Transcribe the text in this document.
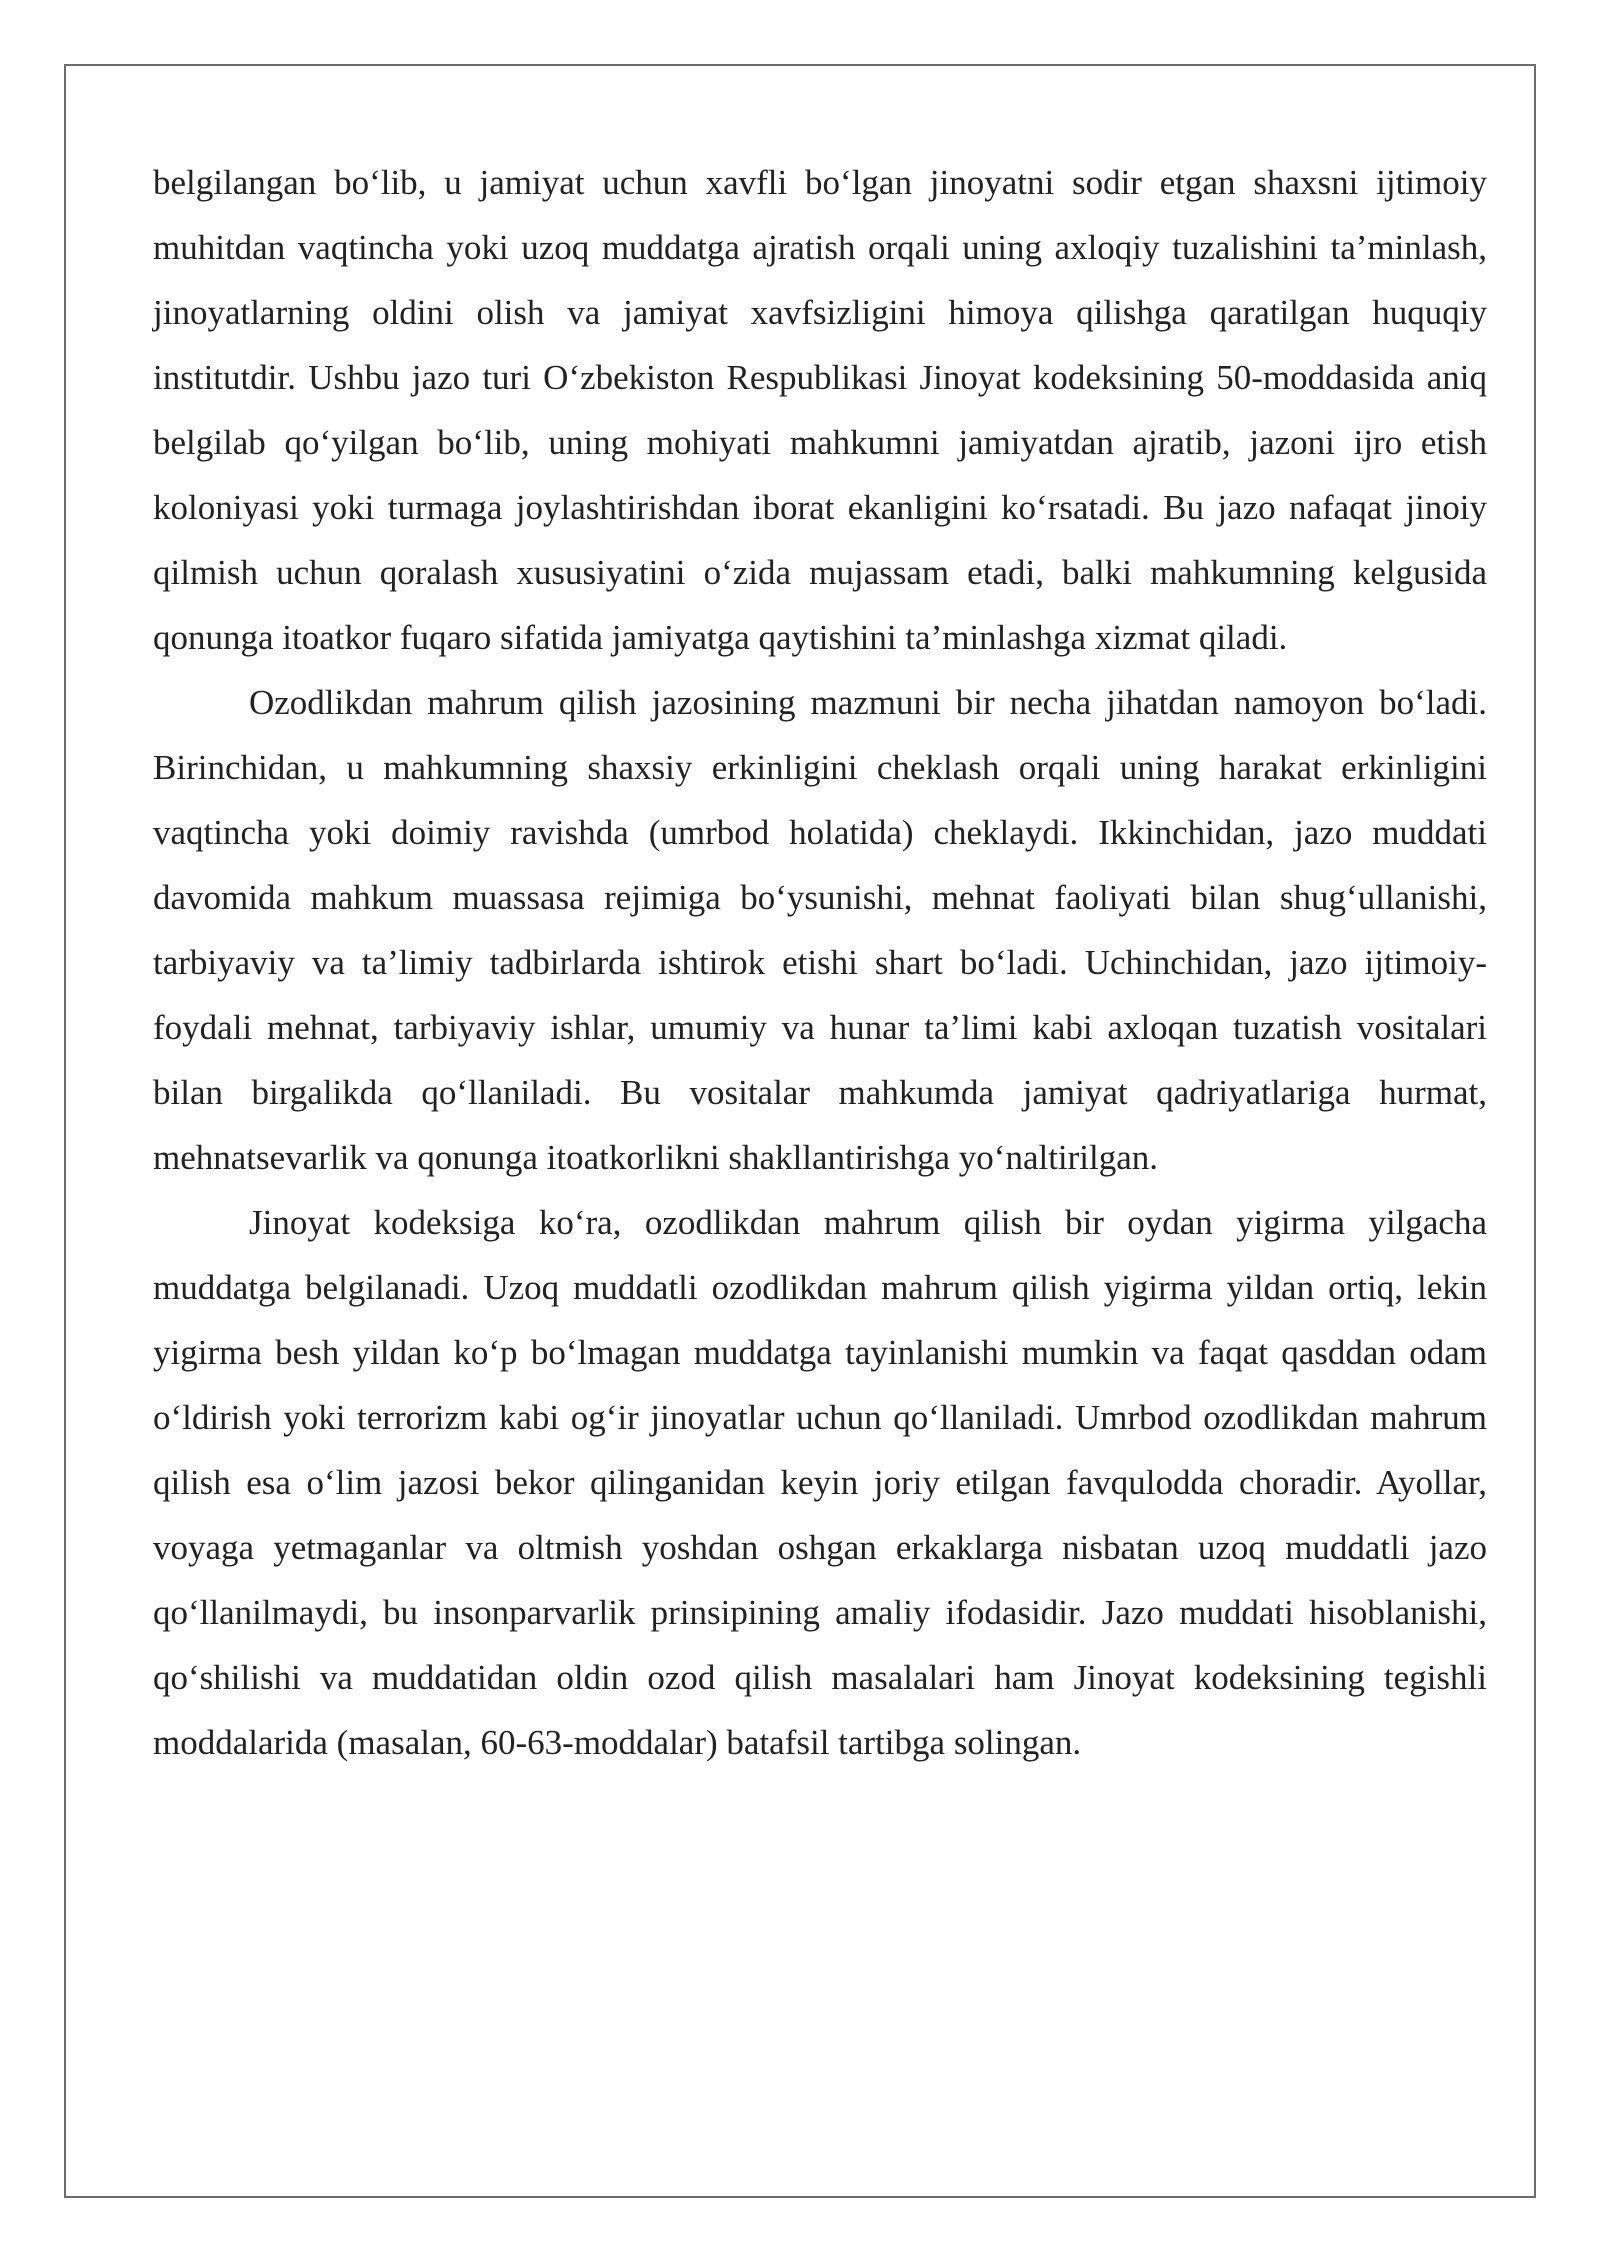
belgilangan bo‘lib, u jamiyat uchun xavfli bo‘lgan jinoyatni sodir etgan shaxsni ijtimoiy muhitdan vaqtincha yoki uzoq muddatga ajratish orqali uning axloqiy tuzalishini ta’minlash, jinoyatlarning oldini olish va jamiyat xavfsizligini himoya qilishga qaratilgan huquqiy institutdir. Ushbu jazo turi O‘zbekiston Respublikasi Jinoyat kodeksining 50-moddasida aniq belgilab qo‘yilgan bo‘lib, uning mohiyati mahkumni jamiyatdan ajratib, jazoni ijro etish koloniyasi yoki turmaga joylashtirishdan iborat ekanligini ko‘rsatadi. Bu jazo nafaqat jinoiy qilmish uchun qoralash xususiyatini o‘zida mujassam etadi, balki mahkumning kelgusida qonunga itoatkor fuqaro sifatida jamiyatga qaytishini ta’minlashga xizmat qiladi.

Ozodlikdan mahrum qilish jazosining mazmuni bir necha jihatdan namoyon bo‘ladi. Birinchidan, u mahkumning shaxsiy erkinligini cheklash orqali uning harakat erkinligini vaqtincha yoki doimiy ravishda (umrbod holatida) cheklaydi. Ikkinchidan, jazo muddati davomida mahkum muassasa rejimiga bo‘ysunishi, mehnat faoliyati bilan shug‘ullanishi, tarbiyaviy va ta’limiy tadbirlarda ishtirok etishi shart bo‘ladi. Uchinchidan, jazo ijtimoiy-foydali mehnat, tarbiyaviy ishlar, umumiy va hunar ta’limi kabi axloqan tuzatish vositalari bilan birgalikda qo‘llaniladi. Bu vositalar mahkumda jamiyat qadriyatlariga hurmat, mehnatsevarlik va qonunga itoatkorlikni shakllantirishga yo‘naltirilgan.

Jinoyat kodeksiga ko‘ra, ozodlikdan mahrum qilish bir oydan yigirma yilgacha muddatga belgilanadi. Uzoq muddatli ozodlikdan mahrum qilish yigirma yildan ortiq, lekin yigirma besh yildan ko‘p bo‘lmagan muddatga tayinlanishi mumkin va faqat qasddan odam o‘ldirish yoki terrorizm kabi og‘ir jinoyatlar uchun qo‘llaniladi. Umrbod ozodlikdan mahrum qilish esa o‘lim jazosi bekor qilinganidan keyin joriy etilgan favqulodda choradir. Ayollar, voyaga yetmaganlar va oltmish yoshdan oshgan erkaklarga nisbatan uzoq muddatli jazo qo‘llanilmaydi, bu insonparvarlik prinsipining amaliy ifodasidir. Jazo muddati hisoblanishi, qo‘shilishi va muddatidan oldin ozod qilish masalalari ham Jinoyat kodeksining tegishli moddalarida (masalan, 60-63-moddalar) batafsil tartibga solingan.
